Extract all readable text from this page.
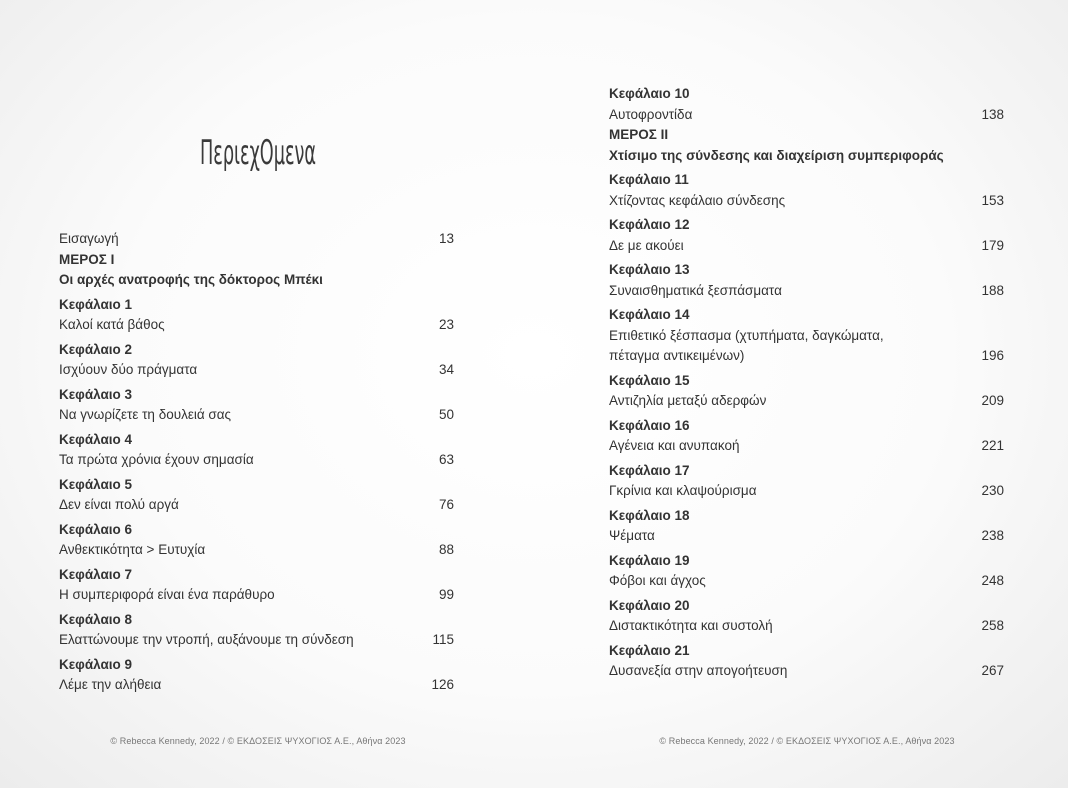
ΠεριεχΟμενα
Εισαγωγή	13
ΜΕΡΟΣ Ι
Οι αρχές ανατροφής της δόκτορος Μπέκι
Κεφάλαιο 1
Καλοί κατά βάθος	23
Κεφάλαιο 2
Ισχύουν δύο πράγματα	34
Κεφάλαιο 3
Να γνωρίζετε τη δουλειά σας	50
Κεφάλαιο 4
Τα πρώτα χρόνια έχουν σημασία	63
Κεφάλαιο 5
Δεν είναι πολύ αργά	76
Κεφάλαιο 6
Ανθεκτικότητα > Ευτυχία	88
Κεφάλαιο 7
Η συμπεριφορά είναι ένα παράθυρο	99
Κεφάλαιο 8
Ελαττώνουμε την ντροπή, αυξάνουμε τη σύνδεση	115
Κεφάλαιο 9
Λέμε την αλήθεια	126
© Rebecca Kennedy, 2022 / © ΕΚΔΟΣΕΙΣ ΨΥΧΟΓΙΟΣ Α.Ε., Αθήνα 2023
Κεφάλαιο 10
Αυτοφροντίδα	138
ΜΕΡΟΣ ΙΙ
Χτίσιμο της σύνδεσης και διαχείριση συμπεριφοράς
Κεφάλαιο 11
Χτίζοντας κεφάλαιο σύνδεσης	153
Κεφάλαιο 12
Δε με ακούει	179
Κεφάλαιο 13
Συναισθηματικά ξεσπάσματα	188
Κεφάλαιο 14
Επιθετικό ξέσπασμα (χτυπήματα, δαγκώματα,
πέταγμα αντικειμένων)	196
Κεφάλαιο 15
Αντιζηλία μεταξύ αδερφών	209
Κεφάλαιο 16
Αγένεια και ανυπακοή	221
Κεφάλαιο 17
Γκρίνια και κλαψούρισμα	230
Κεφάλαιο 18
Ψέματα	238
Κεφάλαιο 19
Φόβοι και άγχος	248
Κεφάλαιο 20
Διστακτικότητα και συστολή	258
Κεφάλαιο 21
Δυσανεξία στην απογοήτευση	267
© Rebecca Kennedy, 2022 / © ΕΚΔΟΣΕΙΣ ΨΥΧΟΓΙΟΣ Α.Ε., Αθήνα 2023
